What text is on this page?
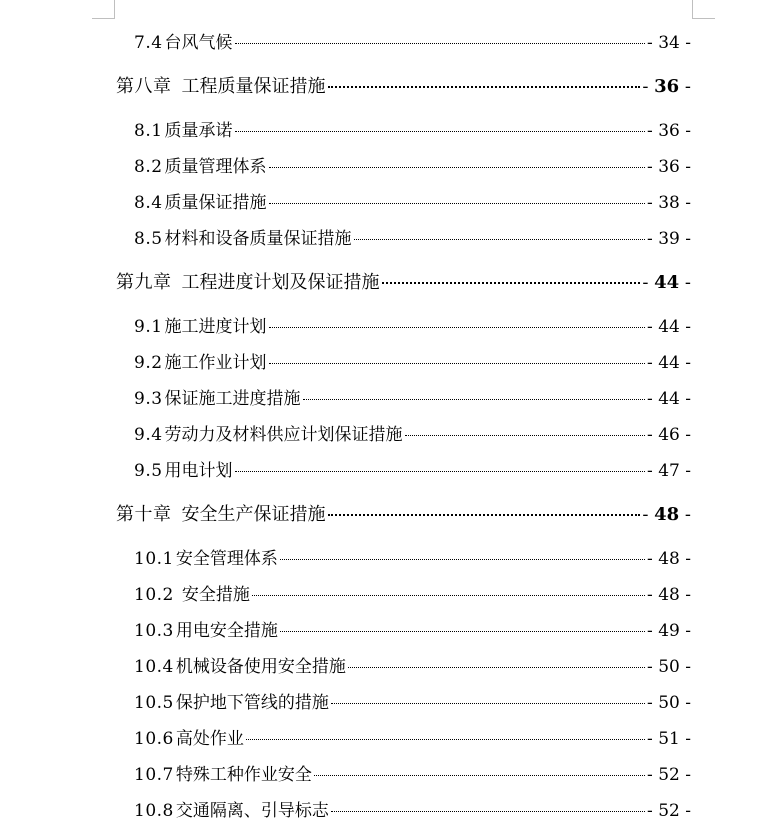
7.4 台风气候	- 34 -
第八章 工程质量保证措施	- 36 -
8.1 质量承诺	- 36 -
8.2 质量管理体系	- 36 -
8.4 质量保证措施	- 38 -
8.5 材料和设备质量保证措施	- 39 -
第九章 工程进度计划及保证措施	- 44 -
9.1 施工进度计划	- 44 -
9.2 施工作业计划	- 44 -
9.3 保证施工进度措施	- 44 -
9.4 劳动力及材料供应计划保证措施	- 46 -
9.5 用电计划	- 47 -
第十章 安全生产保证措施	- 48 -
10.1 安全管理体系	- 48 -
10.2 安全措施	- 48 -
10.3 用电安全措施	- 49 -
10.4 机械设备使用安全措施	- 50 -
10.5 保护地下管线的措施	- 50 -
10.6 高处作业	- 51 -
10.7 特殊工种作业安全	- 52 -
10.8 交通隔离、引导标志	- 52 -
